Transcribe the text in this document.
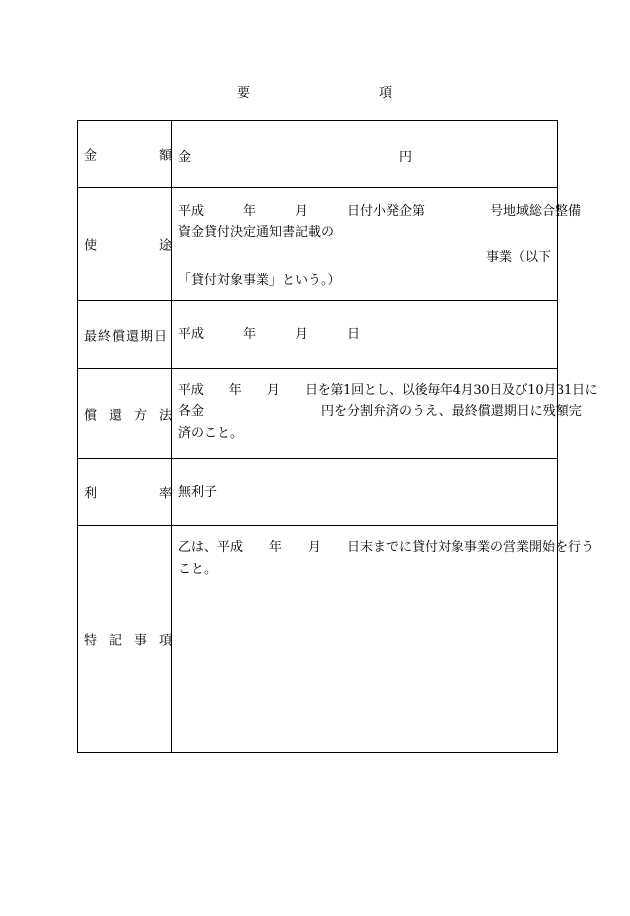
要	項
金 額	金　　　　　　　　　　　　　　　　円

使 途	平成　　　年　　　月　　　日付小発企第　　　　　号地域総合整備
資金貸付決定通知書記載の
事業（以下
「貸付対象事業」という。）

最終償還期日	平成　　　年　　　月　　　日

償 還 方 法	平成　　年　　月　　日を第1回とし、以後毎年4月30日及び10月31日に
各金　　　　　　　　　円を分割弁済のうえ、最終償還期日に残額完
済のこと。

利 率	無利子

特 記 事 項	乙は、平成　　年　　月　　日末までに貸付対象事業の営業開始を行う
こと。
